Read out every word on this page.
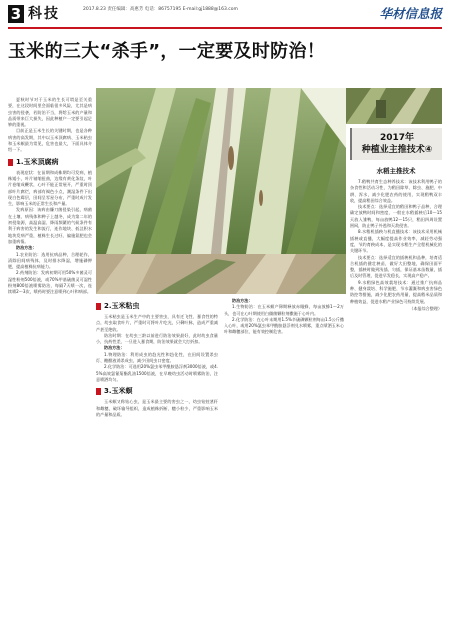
3 科技	2017.8.23 责任编辑：高惠芳 电话：86757195 E-mail:gj1888@163.com	华材信息报
玉米的三大“杀手”，一定要及时防治！
夏秋时节对于玉米的生长可谓是至关重要，在这段时间里会面临很多风险，尤其是病虫害的侵袭，若防治不当，将给玉米的产量和品质带来巨大损失，因此种植户一定要引起足够的重视。
目前正是玉米生长的关键时期，也是各种病害的高发期，其中以玉米顶腐病、玉米粘虫和玉米螟最为常见，危害也最大，下面具体介绍一下。
1.玉米顶腐病
表现症状：在苗期和成株期均可发病，植株矮小，叶片皱缩扭曲，边缘有黄化条纹，叶片卷缩成鞭状，心叶不能正常展开，严重时顶部叶片腐烂，病部有褐色小点，潮湿条件下出现白色霉层，田间呈零星分布，严重时成片发生，影响玉米的正常生长和产量。
发病原因：该病由镰刀菌侵染引起，病菌在土壤、病残体和种子上越冬，成为第二年的初侵染源，高温高湿、降雨频繁的气候条件有利于病害的发生和流行，连作地块、低洼积水地块发病严重，植株生长过旺、偏施氮肥也会加重病情。
防治方法：
1.农业防治：选用抗病品种，合理轮作，清除田间病残体，及时排水降湿，增施磷钾肥，提高植株抗病能力。
2.药剂防治：发病初期可用50%多菌灵可湿性粉剂500倍液，或70%甲基硫菌灵可湿性粉剂800倍液喷雾防治，每隔7天喷一次，连续喷2～3次，喷药时要注意喷到心叶和病部。
2.玉米粘虫
玉米粘虫是玉米生产中的主要害虫，具有迁飞性、暴食性的特点，幼虫取食叶片，严重时可将叶片吃光，只剩叶脉，造成严重减产甚至绝收。
防治时期：在幼虫三龄以前进行防治效果最好，此时幼虫食量小，抗药性差，一旦进入暴食期，防治效果就会大打折扣。
防治方法：
1.物理防治：利用成虫的趋光性和趋化性，在田间设置杀虫灯、糖醋液诱杀成虫，减少田间虫口密度。
2.化学防治：可选用20%氯虫苯甲酰胺悬浮剂3000倍液，或4.5%高效氯氰菊酯乳油1500倍液，在早晚幼虫活动时喷雾防治，注意喷洒均匀。
3.玉米螟
玉米螟又称钻心虫，是玉米最主要的害虫之一，幼虫钻蛀茎秆和雌穗，破坏输导组织，造成植株折断、穗小粒少，严重影响玉米的产量和品质。
防治方法：
1.生物防治：在玉米螟产卵期释放赤眼蜂，每亩放蜂1～2万头，也可在心叶期使用白僵菌颗粒剂撒施于心叶内。
2.化学防治：在心叶末期用1.5%辛硫磷颗粒剂每亩1.5公斤撒入心叶，或用20%氯虫苯甲酰胺悬浮剂兑水喷雾，重点喷洒玉米心叶和雌穗部位，能有效控制危害。
2017年
种植业主推技术④
水稻主推技术
7.稻鸭共育生态种养技术：该技术利用鸭子的杂食性和活动习性，为稻田除草、除虫、施肥、中耕、浑水，减少化肥农药的使用，实现稻鸭双丰收，提高稻田综合效益。
技术要点：选择适宜的稻田和鸭子品种，合理确定放鸭时间和密度，一般在水稻插秧后10～15天放入雏鸭，每亩放鸭12～15只，稻田四周设置围网，防止鸭子外逃和天敌侵害。
8.水稻机插秧与机直播技术：该技术采用机械插秧或直播，大幅度提高作业效率，减轻劳动强度，节约育秧成本，是实现水稻生产全程机械化的关键环节。
技术要点：选择适宜的插秧机和品种，培育适合机插的健壮秧苗，做好大田整地，确保田面平整，插秧时做到浅插、匀插，保证基本苗数量，插后及时管理，促进早发稳长，实现高产稳产。
9.水稻绿色高效栽培技术：通过推广抗病品种、健身栽培、科学施肥、节水灌溉和病虫害绿色防控等措施，减少化肥农药用量，提高稻米品质和种植效益，促进水稻产业绿色可持续发展。
（本报综合整理）
